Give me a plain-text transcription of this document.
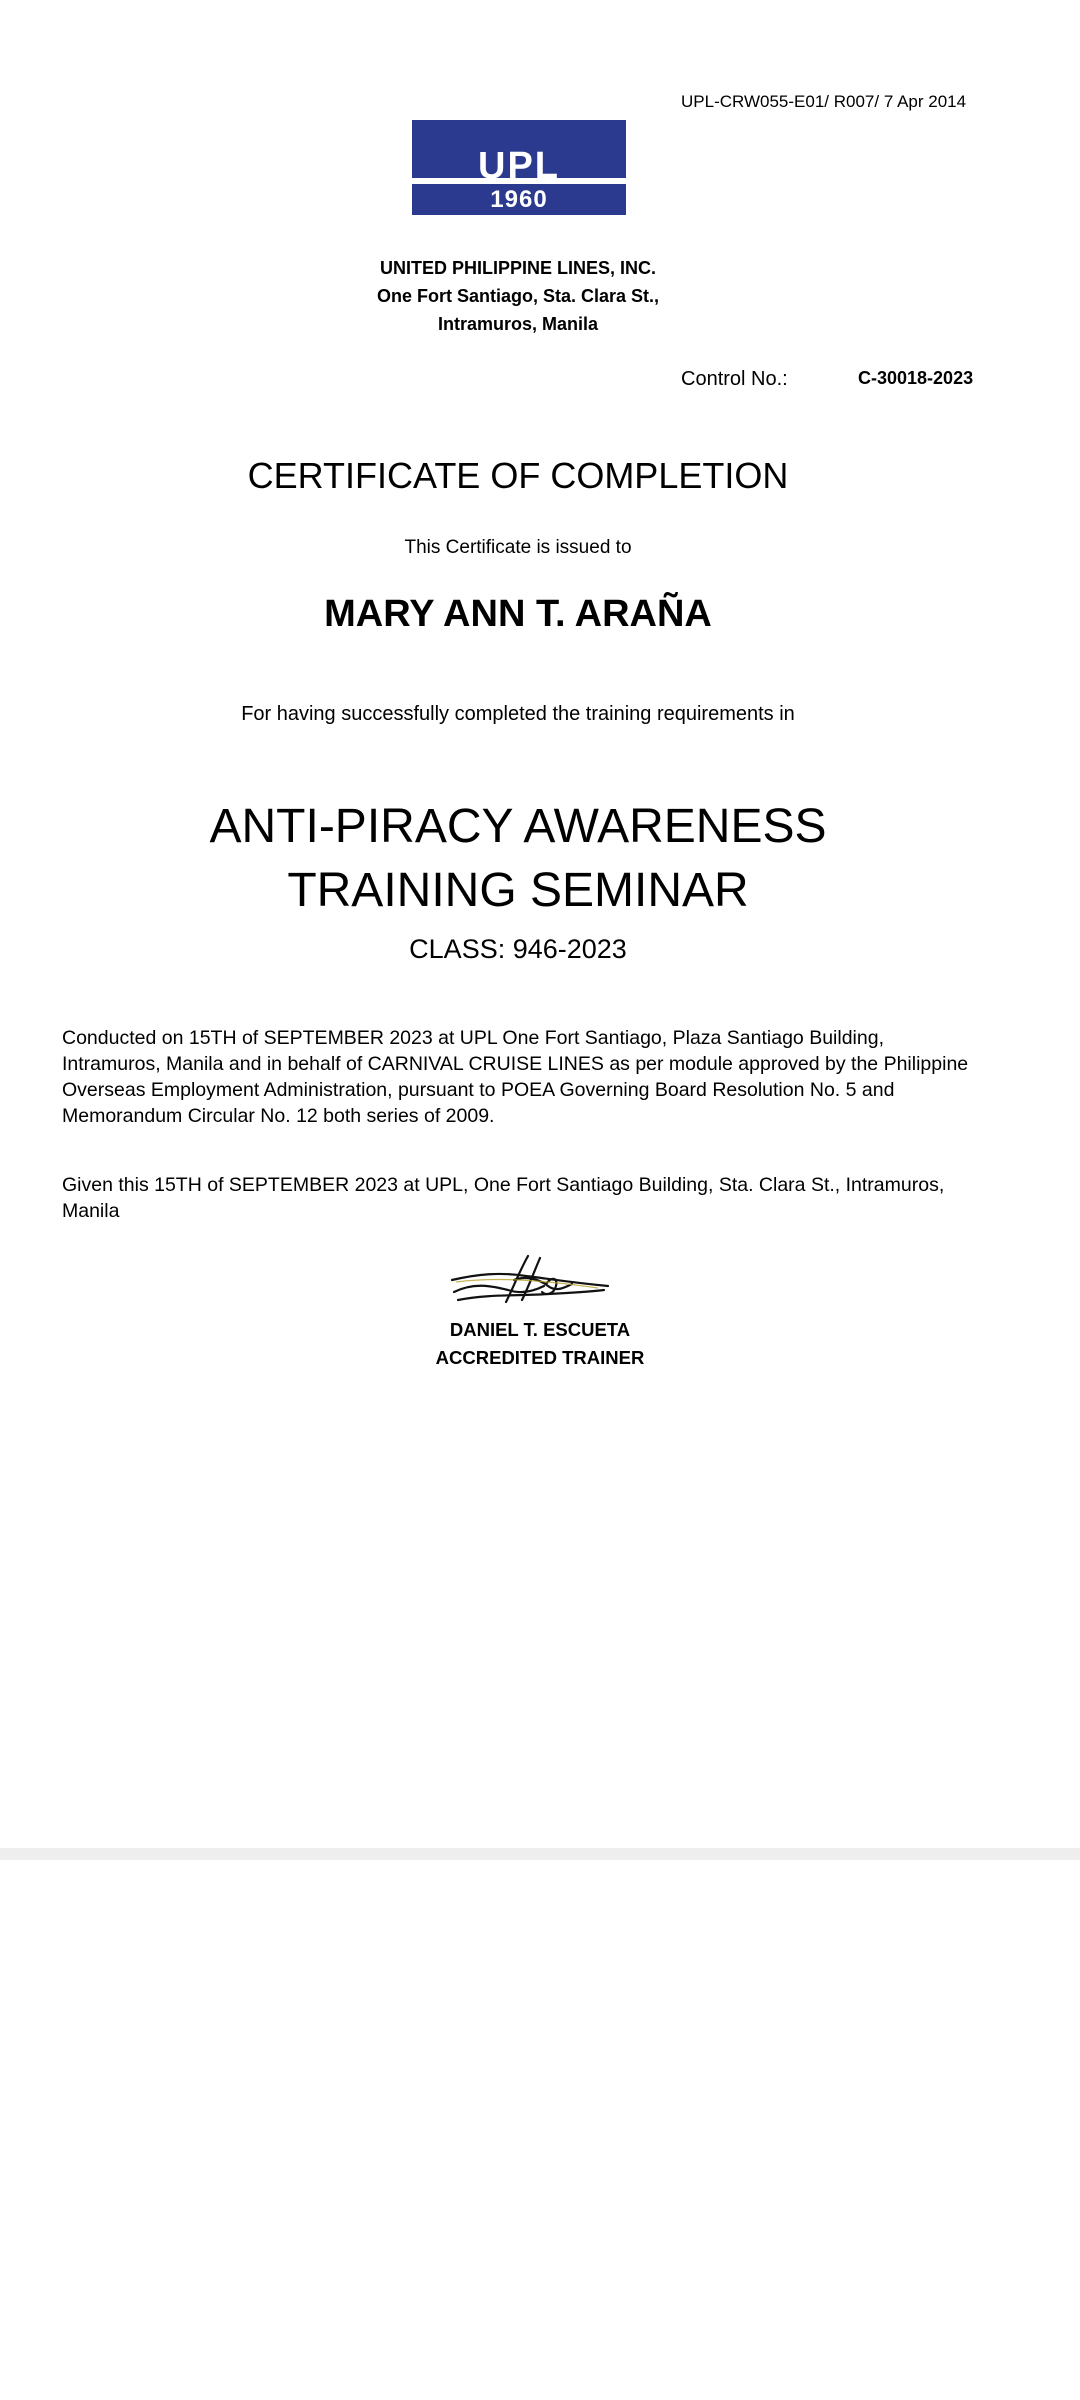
UPL-CRW055-E01/ R007/ 7 Apr 2014
UPL
1960
UNITED PHILIPPINE LINES, INC.
One Fort Santiago, Sta. Clara St.,
Intramuros, Manila
Control No.:	C-30018-2023
CERTIFICATE OF COMPLETION
This Certificate is issued to
MARY ANN T. ARAÑA
For having successfully completed the training requirements in
ANTI-PIRACY AWARENESS
TRAINING SEMINAR
CLASS: 946-2023
Conducted on 15TH of SEPTEMBER 2023 at UPL One Fort Santiago, Plaza Santiago Building, Intramuros, Manila and in behalf of CARNIVAL CRUISE LINES as per module approved by the Philippine Overseas Employment Administration, pursuant to POEA Governing Board Resolution No. 5 and Memorandum Circular No. 12 both series of 2009.
Given this 15TH of SEPTEMBER 2023 at UPL, One Fort Santiago Building, Sta. Clara St., Intramuros, Manila
DANIEL T. ESCUETA
ACCREDITED TRAINER
